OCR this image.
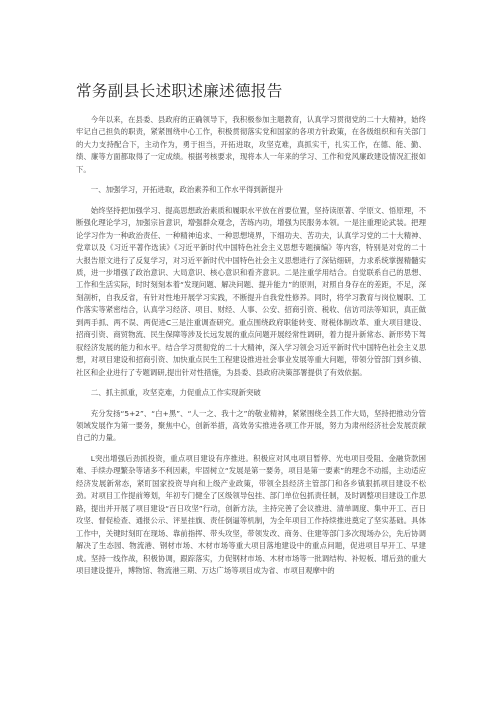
常务副县长述职述廉述德报告

今年以来，在县委、县政府的正确领导下，我积极参加主题教育，认真学习贯彻党的二十大精神，始终牢记自己担负的职责，紧紧围绕中心工作，积极贯彻落实党和国家的各项方针政策，在各级组织和有关部门的大力支持配合下，主动作为，勇于担当，开拓进取，攻坚克难，真抓实干，扎实工作，在德、能、勤、绩、廉等方面都取得了一定成绩。根据考核要求，现将本人一年来的学习、工作和党风廉政建设情况汇报如下。

一、加强学习，开拓进取，政治素养和工作水平得到新提升

始终坚持把加强学习、提高思想政治素质和履职水平放在首要位置，坚持读原著、学原文、悟原理，不断强化理论学习，加强宗旨意识，增强群众观念，苦练内功，增强为民服务本领。一是注重理论武装。把理论学习作为一种政治责任、一种精神追求、一种思想境界，下细功夫、苦功夫，认真学习党的二十大精神、党章以及《习近平著作选读》《习近平新时代中国特色社会主义思想专题摘编》等内容，特别是对党的二十大报告原文进行了反复学习，对习近平新时代中国特色社会主义思想进行了深钻细研，力求系统掌握精髓实质，进一步增强了政治意识、大局意识、核心意识和看齐意识。二是注重学用结合。自觉联系自己的思想、工作和生活实际，时时刻刻本着“发现问题、解决问题、提升能力”的原则，对照自身存在的差距，不足，深刻剖析，自我反省，有针对性地开展学习实践，不断提升自我党性修养。同时，将学习教育与岗位履职、工作落实等紧密结合，认真学习经济、项目、财经、人事、公安、招商引资、税收、信访司法等知识，真正做到两手抓、两不误、两促进C三是注重调查研究。重点围绕政府职能转变、财税体制改革、重大项目建设、招商引资、商贸物流、民生保障等涉及长远发展的重点问题开展经常性调研，着力提升新常态、新形势下驾驭经济发展的能力和水平。结合学习贯彻党的二十大精神，深入学习领会习近平新时代中国特色社会主义思想，对项目建设和招商引资、加快重点民生工程建设推进社会事业发展等重大问题，带领分管部门到乡镇、社区和企业进行了专题调研,提出针对性措施，为县委、县政府决策部署提供了有效依据。

二、抓主抓重，攻坚克难，力促重点工作实现新突破

充分发扬“5+2”、“白+黑”、“人一之、我十之”的敬业精神，紧紧围绕全县工作大局，坚持把推动分管领域发展作为第一要务，聚焦中心，创新举措，高效务实推进各项工作开展，努力为肃州经济社会发展贡献自己的力量。

L突出增强后劲抓投资，重点项目建设有序推进。积极应对风电项目暂停、光电项目受阻、金融贷款困难、手续办理繁杂等诸多不利因素，牢固树立“发展是第一要务，项目是第一要素”的理念不动摇，主动适应经济发展新常态，紧盯国家投资导向和上级产业政策，带领全县经济主管部门和各乡镇狠抓项目建设不松劲。对项目工作提前筹划，年初专门健全了区级领导包挂、部门单位包抓责任制，及时调整项目建设工作思路，提出并开展了项目建设“百日攻坚”行动，创新方法，主持完善了会议推进、清单调度、集中开工、百日攻坚、督促检查、通报公示、评星挂旗、责任倒逼等机制，为全年项目工作持续推进奠定了坚实基础。具体工作中，关键时刻盯在现场、靠前指挥、带头攻坚，带领发改、商务、住建等部门多次现场办公，先后协调解决了生态园、物流港、钢材市场、木材市场等重大项目落地建设中的重点问题，促进项目早开工、早建成。坚持一线作战，积极协调，跟踪落实，力促钢材市场、木材市场等一批调结构、补短板、增后劲的重大项目建设提升，博物馆、物流港三期、万达广场等项目成为省、市项目观摩中的
